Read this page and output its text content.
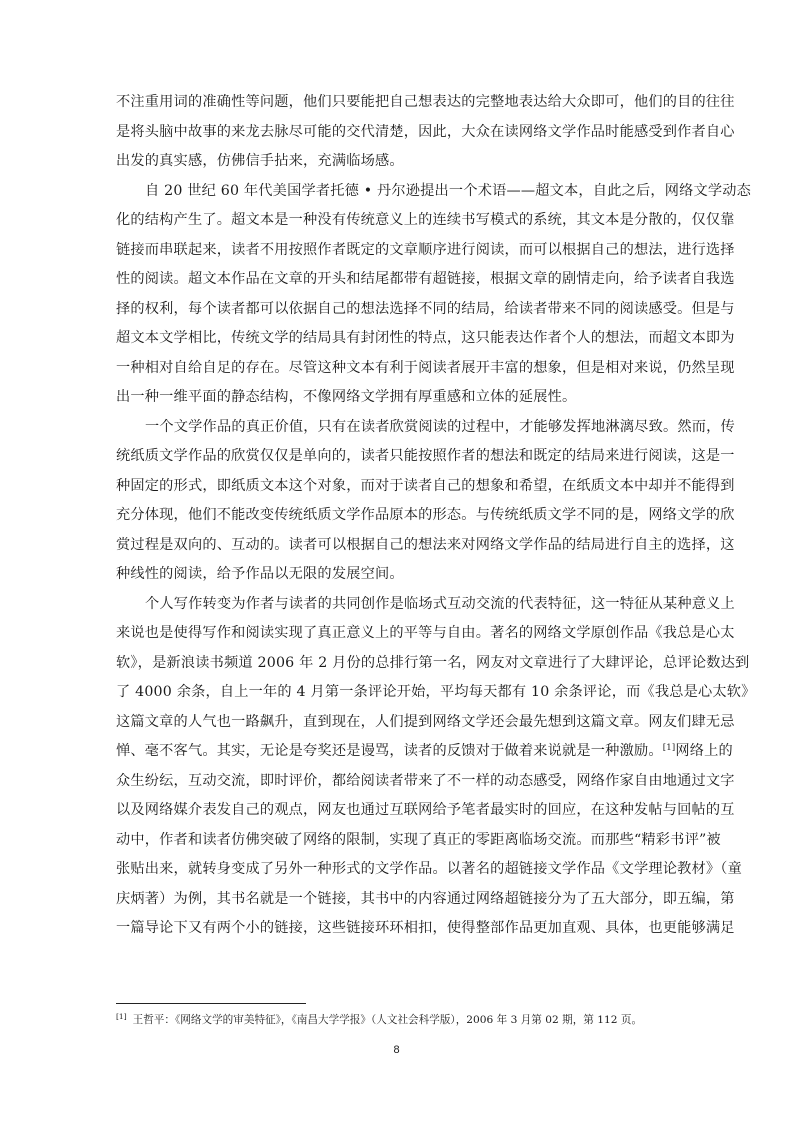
不注重用词的准确性等问题，他们只要能把自己想表达的完整地表达给大众即可，他们的目的往往
是将头脑中故事的来龙去脉尽可能的交代清楚，因此，大众在读网络文学作品时能感受到作者自心
出发的真实感，仿佛信手拈来，充满临场感。
自 20 世纪 60 年代美国学者托德 • 丹尔逊提出一个术语——超文本，自此之后，网络文学动态
化的结构产生了。超文本是一种没有传统意义上的连续书写模式的系统，其文本是分散的，仅仅靠
链接而串联起来，读者不用按照作者既定的文章顺序进行阅读，而可以根据自己的想法，进行选择
性的阅读。超文本作品在文章的开头和结尾都带有超链接，根据文章的剧情走向，给予读者自我选
择的权利，每个读者都可以依据自己的想法选择不同的结局，给读者带来不同的阅读感受。但是与
超文本文学相比，传统文学的结局具有封闭性的特点，这只能表达作者个人的想法，而超文本即为
一种相对自给自足的存在。尽管这种文本有利于阅读者展开丰富的想象，但是相对来说，仍然呈现
出一种一维平面的静态结构，不像网络文学拥有厚重感和立体的延展性。
一个文学作品的真正价值，只有在读者欣赏阅读的过程中，才能够发挥地淋漓尽致。然而，传
统纸质文学作品的欣赏仅仅是单向的，读者只能按照作者的想法和既定的结局来进行阅读，这是一
种固定的形式，即纸质文本这个对象，而对于读者自己的想象和希望，在纸质文本中却并不能得到
充分体现，他们不能改变传统纸质文学作品原本的形态。与传统纸质文学不同的是，网络文学的欣
赏过程是双向的、互动的。读者可以根据自己的想法来对网络文学作品的结局进行自主的选择，这
种线性的阅读，给予作品以无限的发展空间。
个人写作转变为作者与读者的共同创作是临场式互动交流的代表特征，这一特征从某种意义上
来说也是使得写作和阅读实现了真正意义上的平等与自由。著名的网络文学原创作品《我总是心太
软》，是新浪读书频道 2006 年 2 月份的总排行第一名，网友对文章进行了大肆评论，总评论数达到
了 4000 余条，自上一年的 4 月第一条评论开始，平均每天都有 10 余条评论，而《我总是心太软》
这篇文章的人气也一路飙升，直到现在，人们提到网络文学还会最先想到这篇文章。网友们肆无忌
惮、毫不客气。其实，无论是夸奖还是谩骂，读者的反馈对于做着来说就是一种激励。[1]网络上的
众生纷纭，互动交流，即时评价，都给阅读者带来了不一样的动态感受，网络作家自由地通过文字
以及网络媒介表发自己的观点，网友也通过互联网给予笔者最实时的回应，在这种发帖与回帖的互
动中，作者和读者仿佛突破了网络的限制，实现了真正的零距离临场交流。而那些“精彩书评”被
张贴出来，就转身变成了另外一种形式的文学作品。以著名的超链接文学作品《文学理论教材》（童
庆炳著）为例，其书名就是一个链接，其书中的内容通过网络超链接分为了五大部分，即五编，第
一篇导论下又有两个小的链接，这些链接环环相扣，使得整部作品更加直观、具体，也更能够满足
[1] 王哲平：《网络文学的审美特征》，《南昌大学学报》（人文社会科学版），2006 年 3 月第 02 期，第 112 页。
8
